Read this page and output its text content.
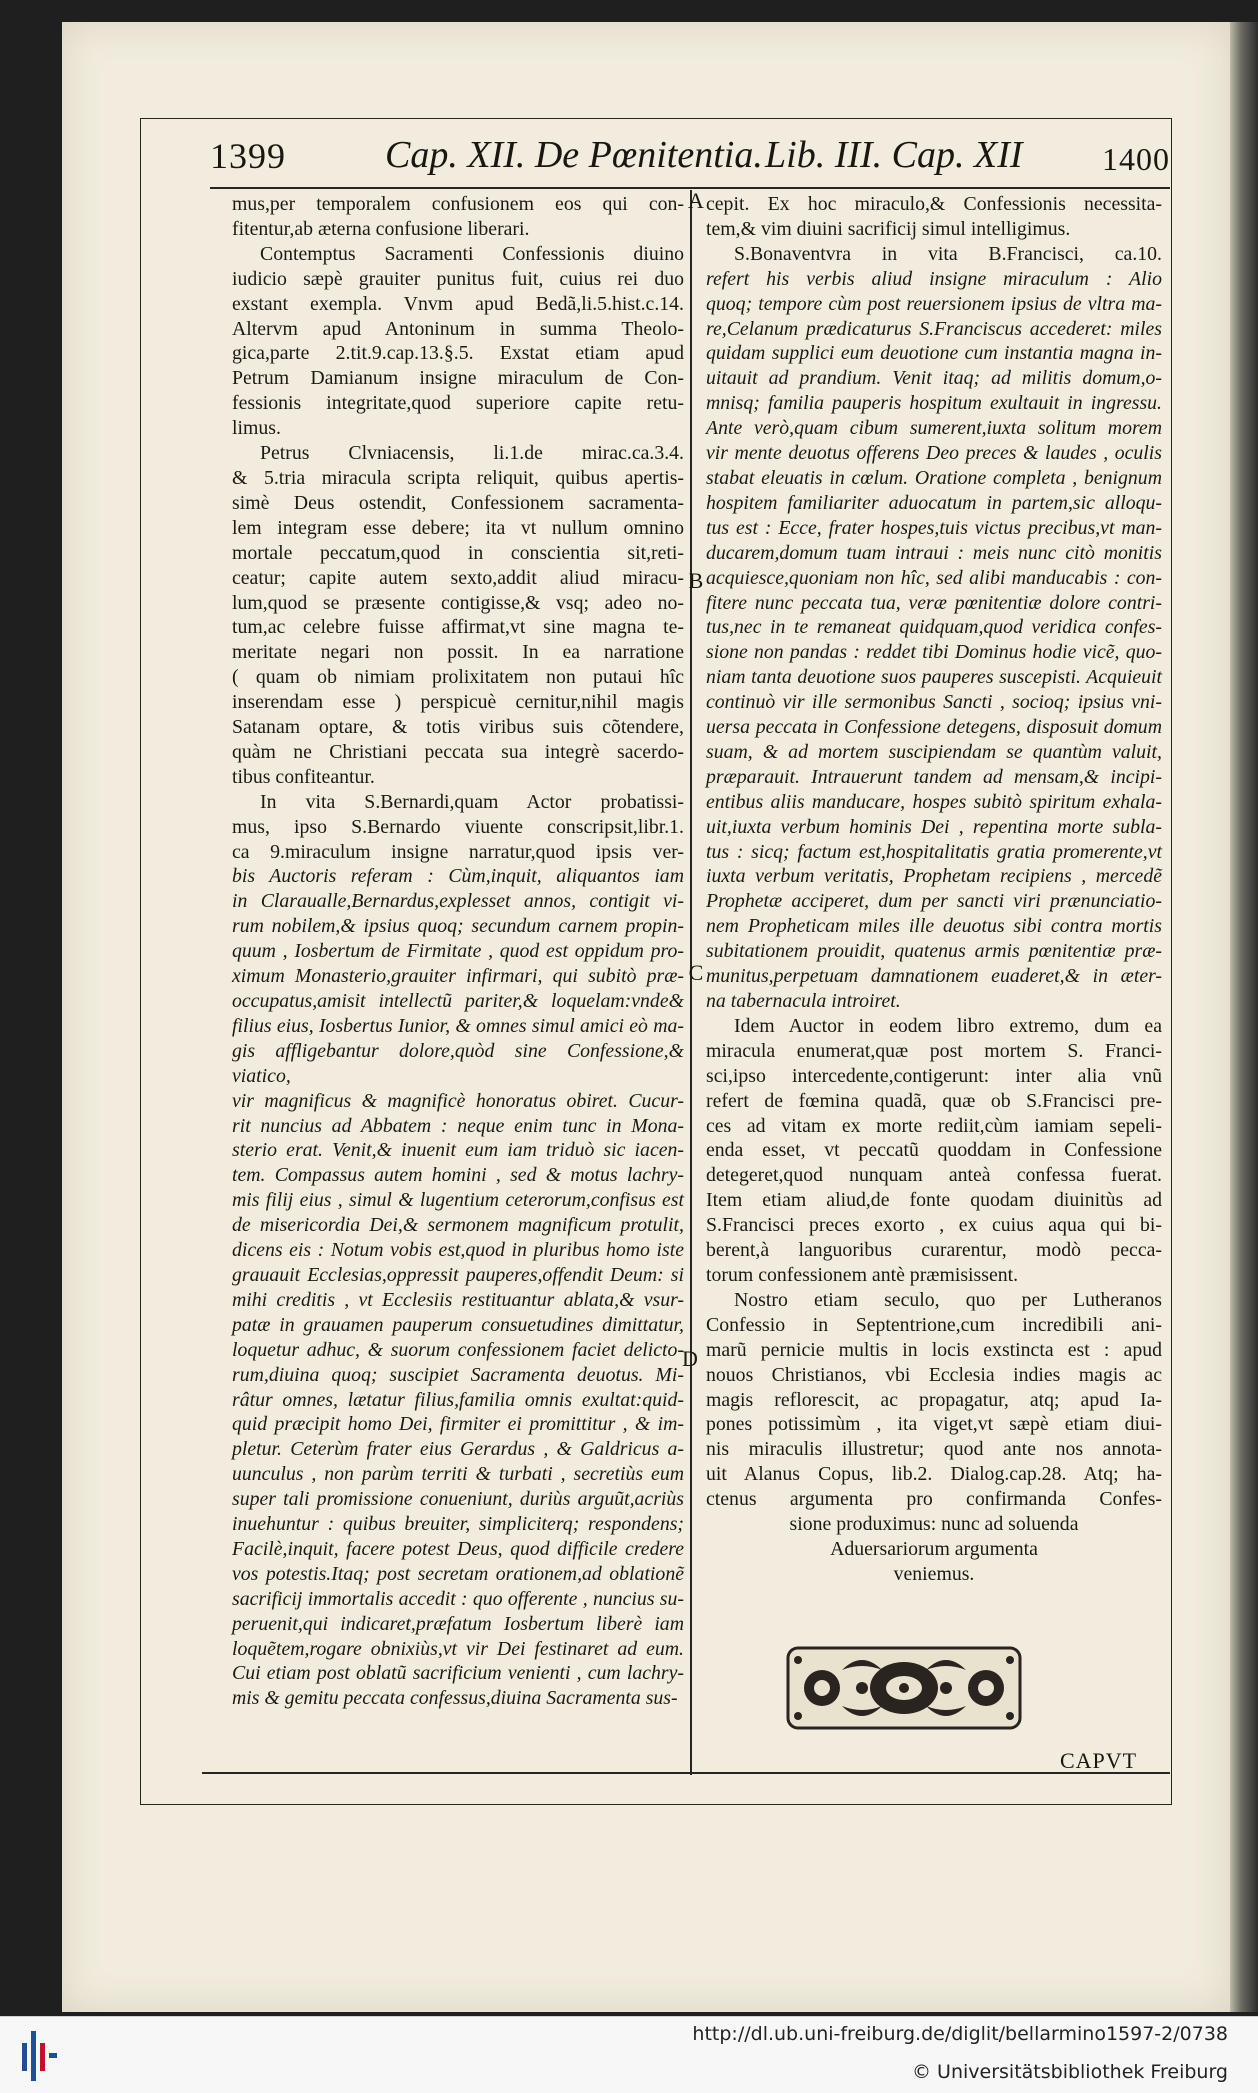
1399	Cap. XII. De Pœnitentia. Lib. III. Cap. XII 1400
A
B
C
D

mus,per temporalem confusionem eos qui con-

fitentur,ab æterna confusione liberari.

Contemptus Sacramenti Confessionis diuino

iudicio sæpè grauiter punitus fuit, cuius rei duo

exstant exempla. Vnvm apud Bedã,li.5.hist.c.14.

Altervm apud Antoninum in summa Theolo-

gica,parte 2.tit.9.cap.13.§.5. Exstat etiam apud

Petrum Damianum insigne miraculum de Con-

fessionis integritate,quod superiore capite retu-

limus.

Petrus Clvniacensis, li.1.de mirac.ca.3.4.

& 5.tria miracula scripta reliquit, quibus apertis-

simè Deus ostendit, Confessionem sacramenta-

lem integram esse debere; ita vt nullum omnino

mortale peccatum,quod in conscientia sit,reti-

ceatur; capite autem sexto,addit aliud miracu-

lum,quod se præsente contigisse,& vsq; adeo no-

tum,ac celebre fuisse affirmat,vt sine magna te-

meritate negari non possit. In ea narratione

( quam ob nimiam prolixitatem non putaui hîc

inserendam esse ) perspicuè cernitur,nihil magis

Satanam optare, & totis viribus suis cõtendere,

quàm ne Christiani peccata sua integrè sacerdo-

tibus confiteantur.

In vita S.Bernardi,quam Actor probatissi-

mus, ipso S.Bernardo viuente conscripsit,libr.1.

ca 9.miraculum insigne narratur,quod ipsis ver-

bis Auctoris referam : Cùm,inquit, aliquantos iam

in Claraualle,Bernardus,explesset annos, contigit vi-

rum nobilem,& ipsius quoq; secundum carnem propin-

quum , Iosbertum de Firmitate , quod est oppidum pro-

ximum Monasterio,grauiter infirmari, qui subitò præ-

occupatus,amisit intellectũ pariter,& loquelam:vnde&

filius eius, Iosbertus Iunior, & omnes simul amici eò ma-

gis affligebantur dolore,quòd sine Confessione,& viatico,

vir magnificus & magnificè honoratus obiret. Cucur-

rit nuncius ad Abbatem : neque enim tunc in Mona-

sterio erat. Venit,& inuenit eum iam triduò sic iacen-

tem. Compassus autem homini , sed & motus lachry-

mis filij eius , simul & lugentium ceterorum,confisus est

de misericordia Dei,& sermonem magnificum protulit,

dicens eis : Notum vobis est,quod in pluribus homo iste

grauauit Ecclesias,oppressit pauperes,offendit Deum: si

mihi creditis , vt Ecclesiis restituantur ablata,& vsur-

patæ in grauamen pauperum consuetudines dimittatur,

loquetur adhuc, & suorum confessionem faciet delicto-

rum,diuina quoq; suscipiet Sacramenta deuotus. Mi-

râtur omnes, lætatur filius,familia omnis exultat:quid-

quid præcipit homo Dei, firmiter ei promittitur , & im-

pletur. Ceterùm frater eius Gerardus , & Galdricus a-

uunculus , non parùm territi & turbati , secretiùs eum

super tali promissione conueniunt, duriùs arguũt,acriùs

inuehuntur : quibus breuiter, simpliciterq; respondens;

Facilè,inquit, facere potest Deus, quod difficile credere

vos potestis.Itaq; post secretam orationem,ad oblationẽ

sacrificij immortalis accedit : quo offerente , nuncius su-

peruenit,qui indicaret,præfatum Iosbertum liberè iam

loquẽtem,rogare obnixiùs,vt vir Dei festinaret ad eum.

Cui etiam post oblatũ sacrificium venienti , cum lachry-

mis & gemitu peccata confessus,diuina Sacramenta sus-

cepit. Ex hoc miraculo,& Confessionis necessita-

tem,& vim diuini sacrificij simul intelligimus.

S.Bonaventvra in vita B.Francisci, ca.10.

refert his verbis aliud insigne miraculum : Alio

quoq; tempore cùm post reuersionem ipsius de vltra ma-

re,Celanum prædicaturus S.Franciscus accederet: miles

quidam supplici eum deuotione cum instantia magna in-

uitauit ad prandium. Venit itaq; ad militis domum,o-

mnisq; familia pauperis hospitum exultauit in ingressu.

Ante verò,quam cibum sumerent,iuxta solitum morem

vir mente deuotus offerens Deo preces & laudes , oculis

stabat eleuatis in cœlum. Oratione completa , benignum

hospitem familiariter aduocatum in partem,sic alloqu-

tus est : Ecce, frater hospes,tuis victus precibus,vt man-

ducarem,domum tuam intraui : meis nunc citò monitis

acquiesce,quoniam non hîc, sed alibi manducabis : con-

fitere nunc peccata tua, veræ pœnitentiæ dolore contri-

tus,nec in te remaneat quidquam,quod veridica confes-

sione non pandas : reddet tibi Dominus hodie vicẽ, quo-

niam tanta deuotione suos pauperes suscepisti. Acquieuit

continuò vir ille sermonibus Sancti , socioq; ipsius vni-

uersa peccata in Confessione detegens, disposuit domum

suam, & ad mortem suscipiendam se quantùm valuit,

præparauit. Intrauerunt tandem ad mensam,& incipi-

entibus aliis manducare, hospes subitò spiritum exhala-

uit,iuxta verbum hominis Dei , repentina morte subla-

tus : sicq; factum est,hospitalitatis gratia promerente,vt

iuxta verbum veritatis, Prophetam recipiens , mercedẽ

Prophetæ acciperet, dum per sancti viri prænunciatio-

nem Propheticam miles ille deuotus sibi contra mortis

subitationem prouidit, quatenus armis pœnitentiæ præ-

munitus,perpetuam damnationem euaderet,& in æter-

na tabernacula introiret.

Idem Auctor in eodem libro extremo, dum ea

miracula enumerat,quæ post mortem S. Franci-

sci,ipso intercedente,contigerunt: inter alia vnũ

refert de fœmina quadã, quæ ob S.Francisci pre-

ces ad vitam ex morte rediit,cùm iamiam sepeli-

enda esset, vt peccatũ quoddam in Confessione

detegeret,quod nunquam anteà confessa fuerat.

Item etiam aliud,de fonte quodam diuinitùs ad

S.Francisci preces exorto , ex cuius aqua qui bi-

berent,à languoribus curarentur, modò pecca-

torum confessionem antè præmisissent.

Nostro etiam seculo, quo per Lutheranos

Confessio in Septentrione,cum incredibili ani-

marũ pernicie multis in locis exstincta est : apud

nouos Christianos, vbi Ecclesia indies magis ac

magis reflorescit, ac propagatur, atq; apud Ia-

pones potissimùm , ita viget,vt sæpè etiam diui-

nis miraculis illustretur; quod ante nos annota-

uit Alanus Copus, lib.2. Dialog.cap.28. Atq; ha-

ctenus argumenta pro confirmanda Confes-

sione produximus: nunc ad soluenda

Aduersariorum argumenta

veniemus.

CAPVT
http://dl.ub.uni-freiburg.de/diglit/bellarmino1597-2/0738
© Universitätsbibliothek Freiburg
